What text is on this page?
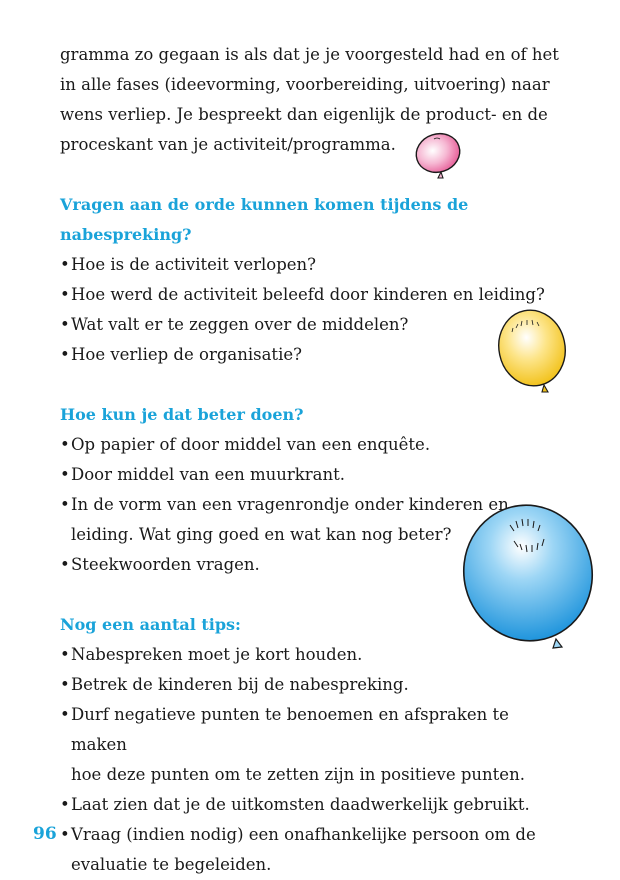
gramma zo gegaan is als dat je je voorgesteld had en of het
in alle fases (ideevorming, voorbereiding, uitvoering) naar
wens verliep. Je bespreekt dan eigenlijk de product- en de
proceskant van je activiteit/programma.

Vragen aan de orde kunnen komen tijdens de nabespreking?
• Hoe is de activiteit verlopen?
• Hoe werd de activiteit beleefd door kinderen en leiding?
• Wat valt er te zeggen over de middelen?
• Hoe verliep de organisatie?
Hoe kun je dat beter doen?
• Op papier of door middel van een enquête.
• Door middel van een muurkrant.
• In de vorm van een vragenrondje onder kinderen en
leiding. Wat ging goed en wat kan nog beter?
• Steekwoorden vragen.
Nog een aantal tips:
• Nabespreken moet je kort houden.
• Betrek de kinderen bij de nabespreking.
• Durf negatieve punten te benoemen en afspraken te maken
hoe deze punten om te zetten zijn in positieve punten.
• Laat zien dat je de uitkomsten daadwerkelijk gebruikt.
• Vraag (indien nodig) een onafhankelijke persoon om de
evaluatie te begeleiden.
96
